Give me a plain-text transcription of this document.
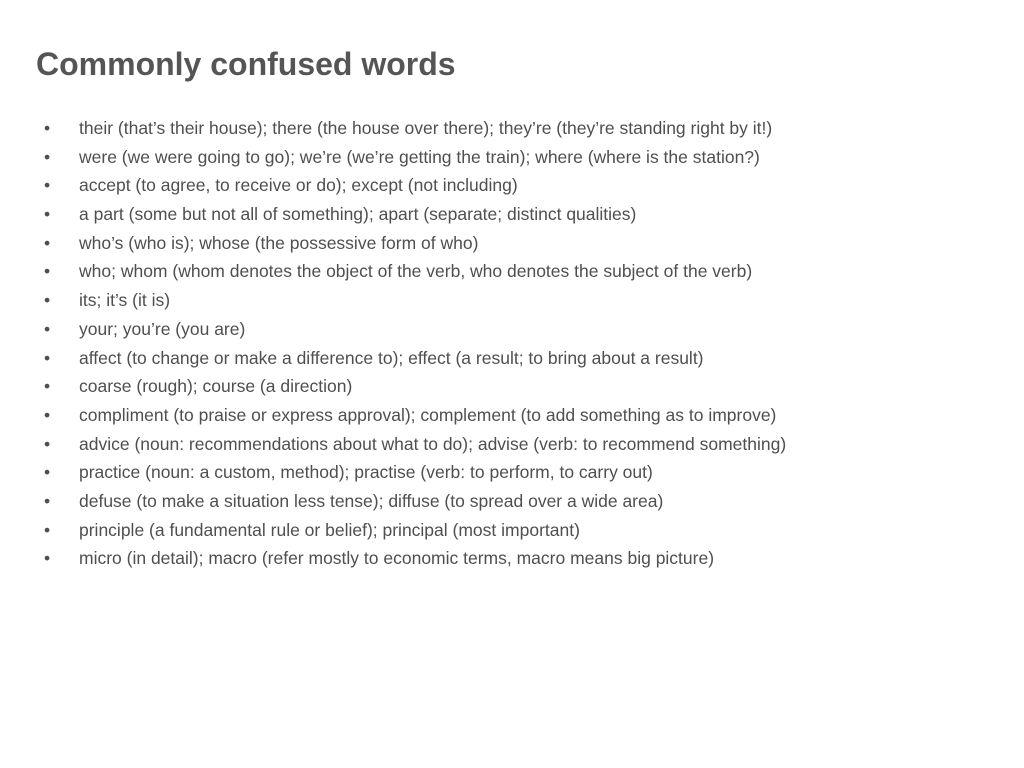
Commonly confused words
• their (that’s their house); there (the house over there); they’re (they’re standing right by it!)
• were (we were going to go); we’re (we’re getting the train); where (where is the station?)
• accept (to agree, to receive or do); except (not including)
• a part (some but not all of something); apart (separate; distinct qualities)
• who’s (who is); whose (the possessive form of who)
• who; whom (whom denotes the object of the verb, who denotes the subject of the verb)
• its; it’s (it is)
• your; you’re (you are)
• affect (to change or make a difference to); effect (a result; to bring about a result)
• coarse (rough); course (a direction)
• compliment (to praise or express approval); complement (to add something as to improve)
• advice (noun: recommendations about what to do); advise (verb: to recommend something)
• practice (noun: a custom, method); practise (verb: to perform, to carry out)
• defuse (to make a situation less tense); diffuse (to spread over a wide area)
• principle (a fundamental rule or belief); principal (most important)
• micro (in detail); macro (refer mostly to economic terms, macro means big picture)
